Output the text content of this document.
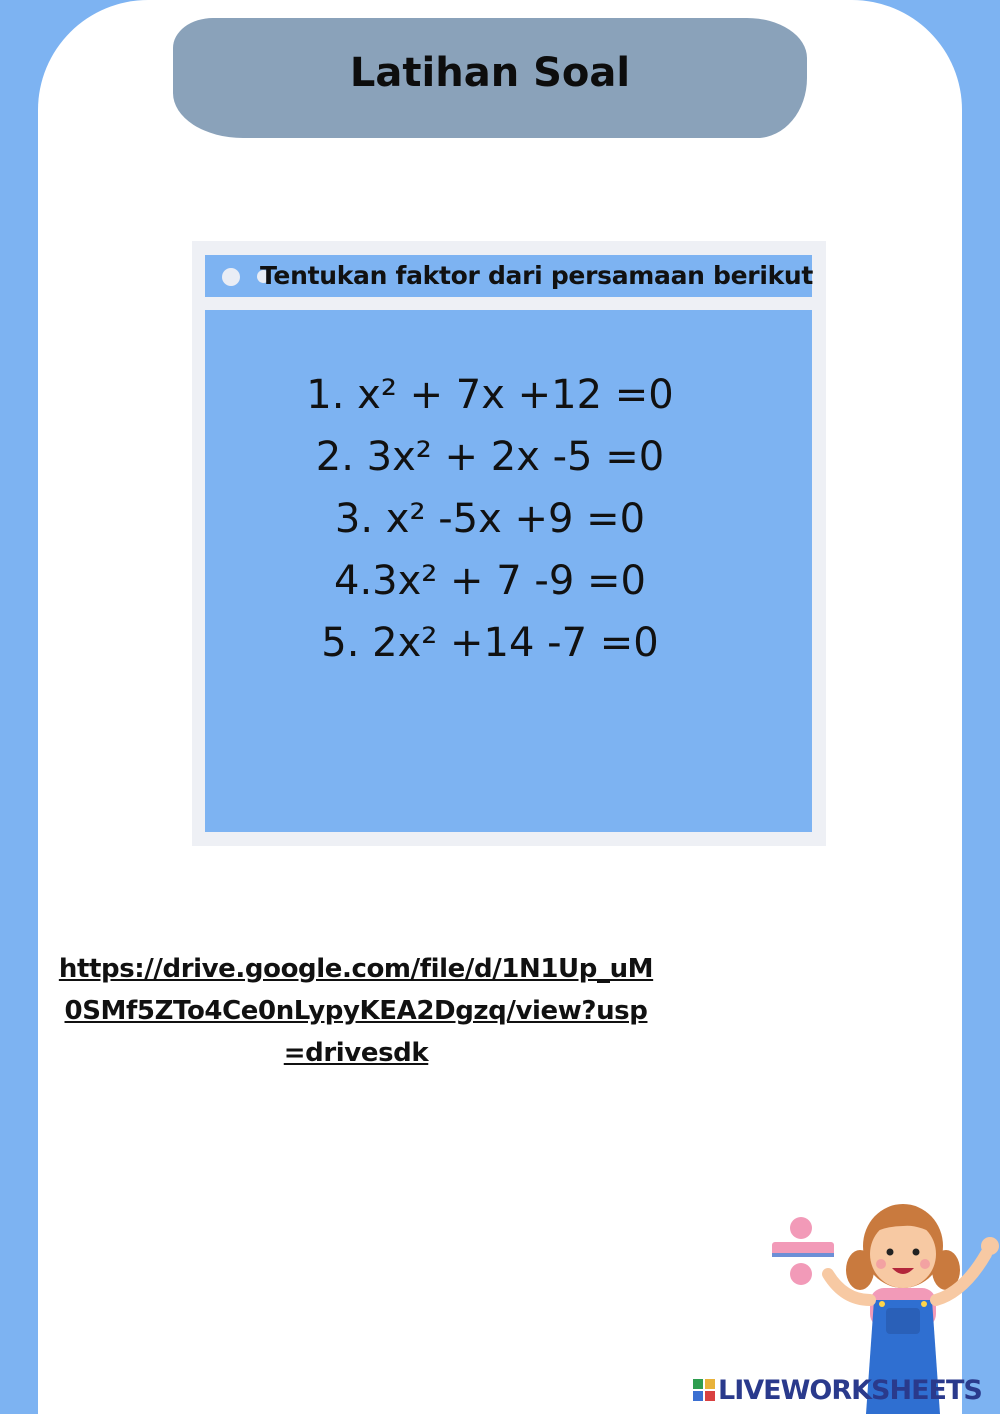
Latihan Soal
Tentukan faktor dari persamaan berikut
1. x² + 7x +12 =0
2. 3x² + 2x -5 =0
3. x² -5x +9 =0
4.3x² + 7 -9 =0
5. 2x² +14 -7 =0
https://drive.google.com/file/d/1N1Up_uM0SMf5ZTo4Ce0nLypyKEA2Dgzq/view?usp=drivesdk
LIVEWORKSHEETS
